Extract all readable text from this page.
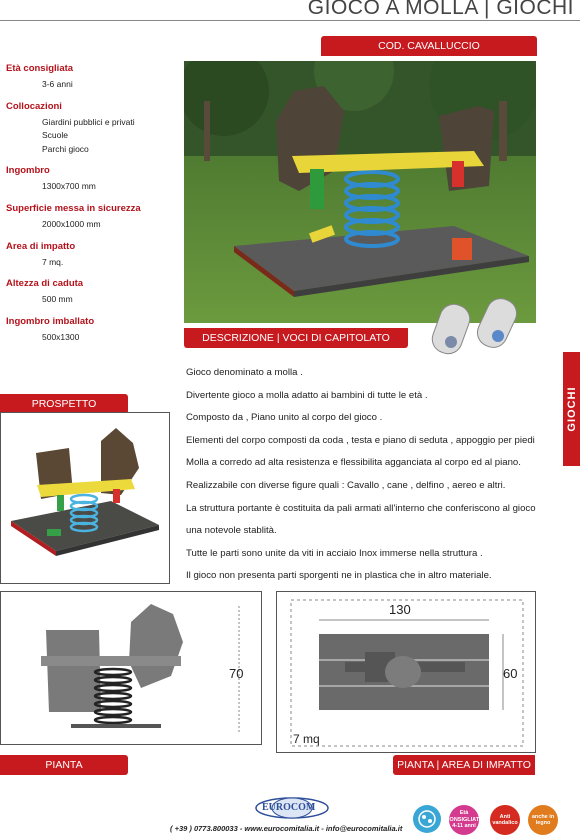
GIOCO A MOLLA | GIOCHI
COD. CAVALLUCCIO

Età consigliata

3-6 anni

Collocazioni

Giardini pubblici e privati

Scuole

Parchi gioco

Ingombro

1300x700 mm

Superficie messa in sicurezza

2000x1000 mm

Area di impatto

7 mq.

Altezza di caduta

500 mm

Ingombro imballato

500x1300	DESCRIZIONE | VOCI DI CAPITOLATO

Gioco denominato a molla .

Divertente gioco a molla adatto ai bambini di tutte le età .

Composto da , Piano unito al corpo del gioco .

Elementi del corpo composti da coda , testa e piano di seduta , appoggio per piedi

Molla a corredo ad alta resistenza e flessibilita agganciata al corpo ed al piano.

Realizzabile con diverse figure quali : Cavallo , cane , delfino , aereo e altri.

La struttura portante è costituita da pali armati all'interno che conferiscono al gioco

una notevole stablità.

Tutte le parti sono unite da viti in acciaio Inox immerse nella struttura .

Il gioco non presenta parti sporgenti ne in plastica che in altro materiale.

GIOCHI
PROSPETTO
70
130
60
7 mq
PIANTA	PIANTA | AREA DI IMPATTO
EUROCOM
( +39 ) 0773.800033 - www.eurocomitalia.it - info@eurocomitalia.it
Età CONSIGLIATA 4-11 anni
Anti vandalico
anche in legno
